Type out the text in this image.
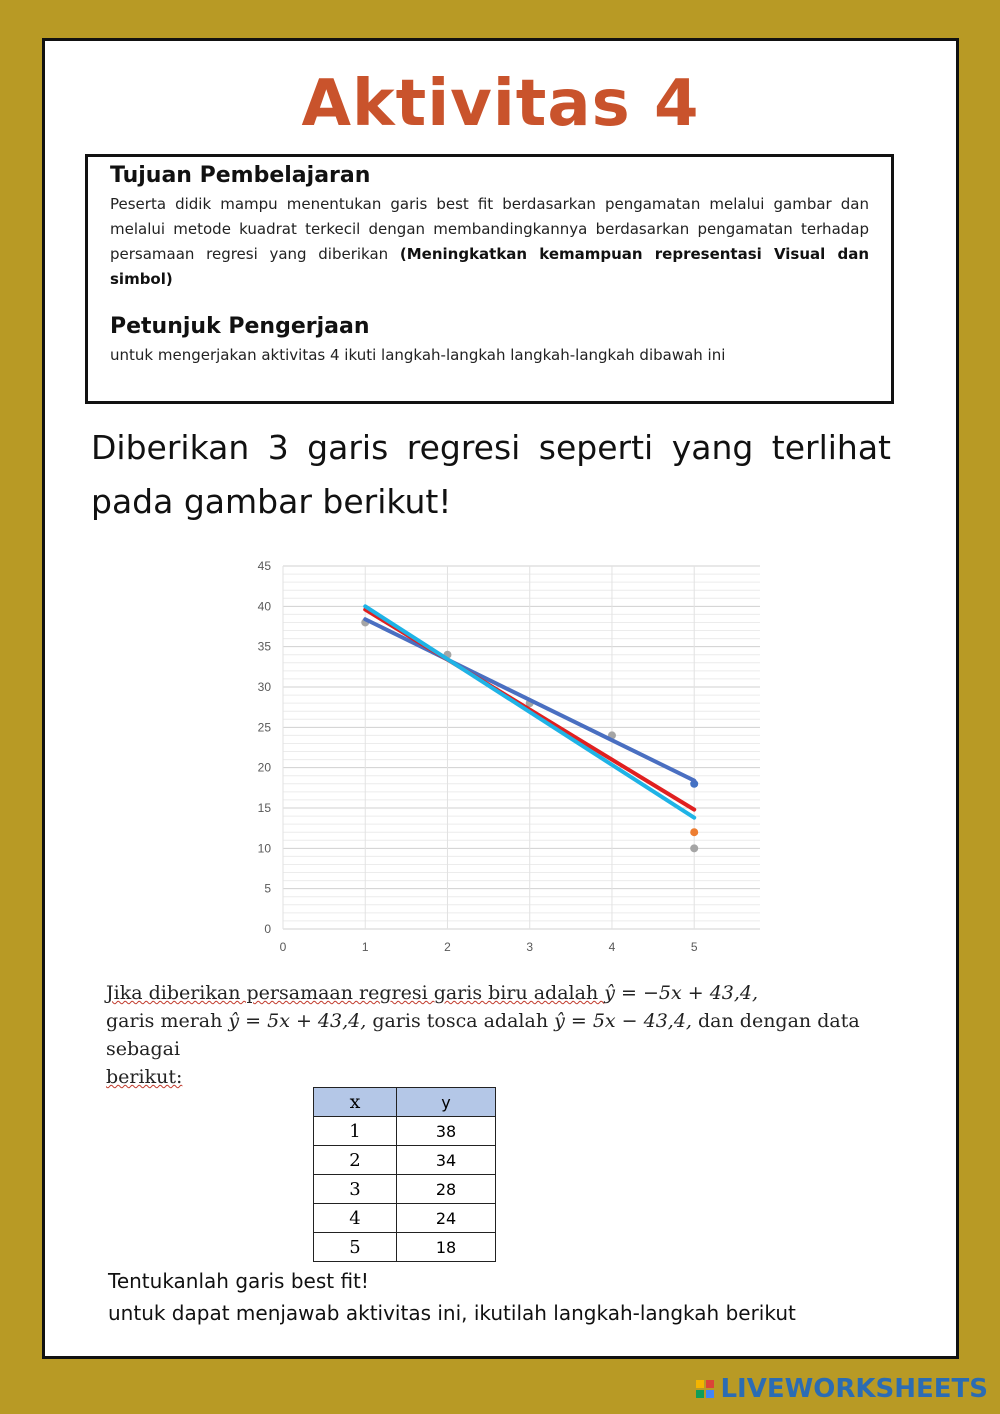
Aktivitas 4
Tujuan Pembelajaran

Peserta didik mampu menentukan garis best fit berdasarkan pengamatan melalui gambar dan melalui metode kuadrat terkecil dengan membandingkannya berdasarkan pengamatan terhadap persamaan regresi yang diberikan (Meningkatkan kemampuan representasi Visual dan simbol)

Petunjuk Pengerjaan

untuk mengerjakan aktivitas 4 ikuti langkah-langkah langkah-langkah dibawah ini

Diberikan 3 garis regresi seperti yang terlihat pada gambar berikut!
0
5
10
15
20
25
30
35
40
45
0	1	2	3	4	5
Jika diberikan persamaan regresi garis biru adalah ŷ = −5x + 43,4,
garis merah ŷ = 5x + 43,4, garis tosca adalah ŷ = 5x − 43,4, dan dengan data sebagai
berikut:
x	y
1	38
2	34
3	28
4	24
5	18
Tentukanlah garis best fit!
untuk dapat menjawab aktivitas ini, ikutilah langkah-langkah berikut
LIVEWORKSHEETS
